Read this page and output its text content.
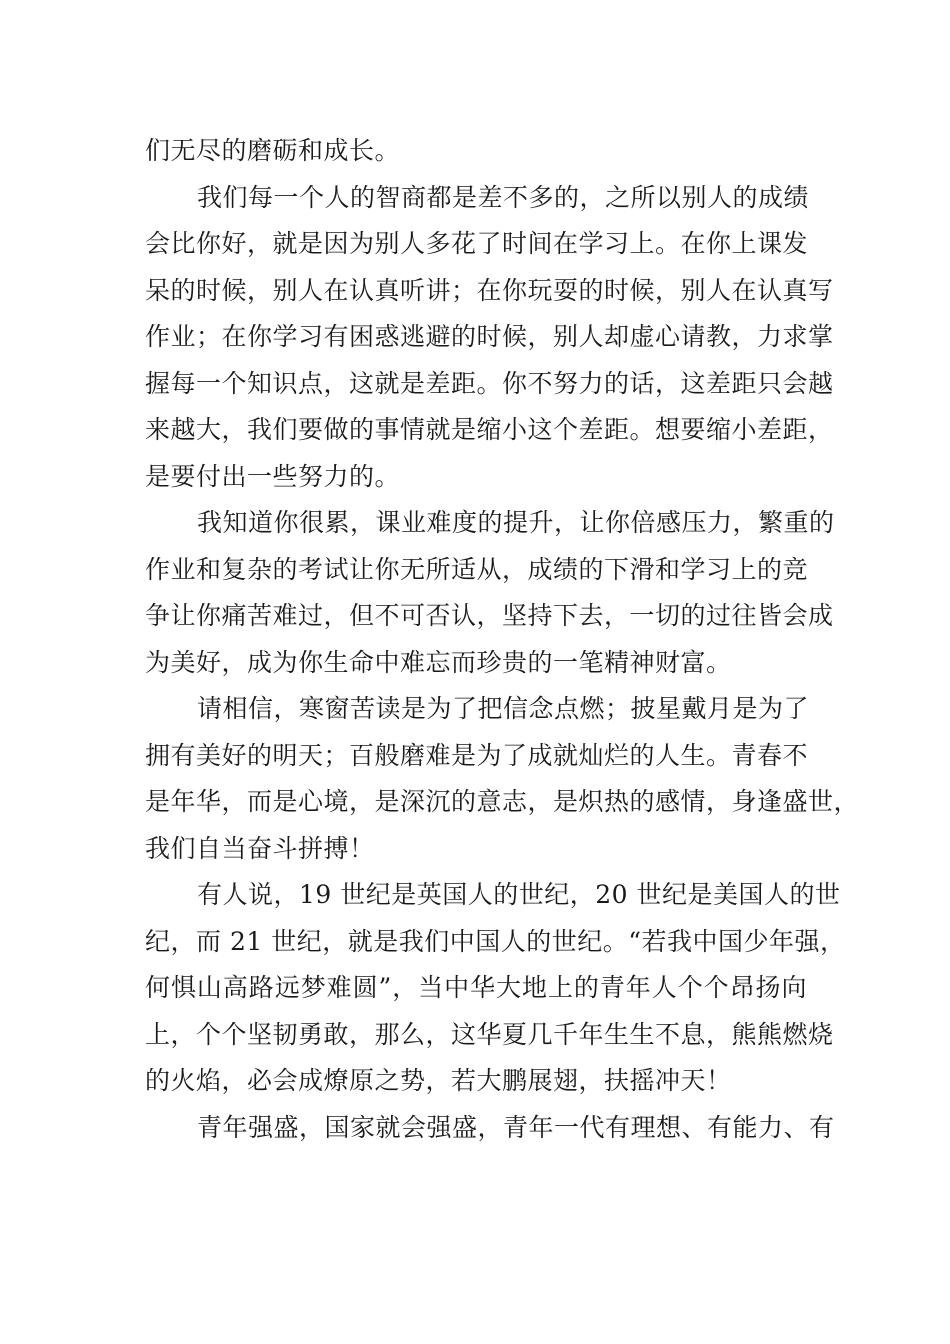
们无尽的磨砺和成长。
我们每一个人的智商都是差不多的，之所以别人的成绩
会比你好，就是因为别人多花了时间在学习上。在你上课发
呆的时候，别人在认真听讲；在你玩耍的时候，别人在认真写
作业；在你学习有困惑逃避的时候，别人却虚心请教，力求掌
握每一个知识点，这就是差距。你不努力的话，这差距只会越
来越大，我们要做的事情就是缩小这个差距。想要缩小差距，
是要付出一些努力的。
我知道你很累，课业难度的提升，让你倍感压力，繁重的
作业和复杂的考试让你无所适从，成绩的下滑和学习上的竞
争让你痛苦难过，但不可否认，坚持下去，一切的过往皆会成
为美好，成为你生命中难忘而珍贵的一笔精神财富。
请相信，寒窗苦读是为了把信念点燃；披星戴月是为了
拥有美好的明天；百般磨难是为了成就灿烂的人生。青春不
是年华，而是心境，是深沉的意志，是炽热的感情，身逢盛世，
我们自当奋斗拼搏！
有人说，19 世纪是英国人的世纪，20 世纪是美国人的世
纪，而 21 世纪，就是我们中国人的世纪。“若我中国少年强，
何惧山高路远梦难圆”，当中华大地上的青年人个个昂扬向
上，个个坚韧勇敢，那么，这华夏几千年生生不息，熊熊燃烧
的火焰，必会成燎原之势，若大鹏展翅，扶摇冲天！
青年强盛，国家就会强盛，青年一代有理想、有能力、有
